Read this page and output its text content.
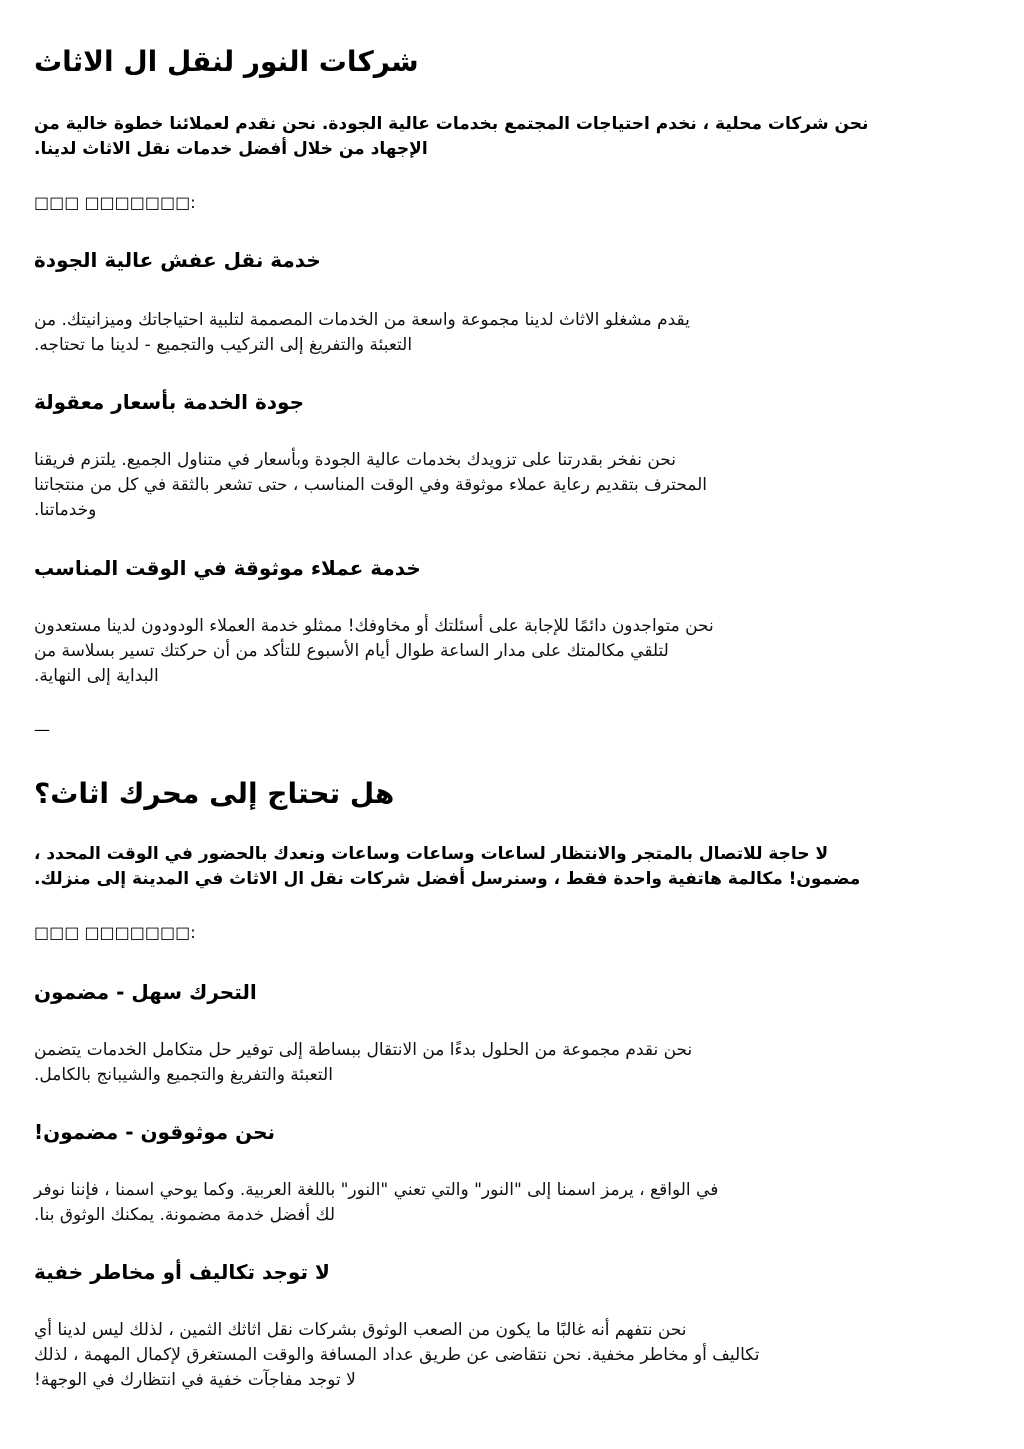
شركات النور لنقل ال الاثاث
نحن شركات محلية ، نخدم احتياجات المجتمع بخدمات عالية الجودة. نحن نقدم لعملائنا خطوة خالية من
الإجهاد من خلال أفضل خدمات نقل الاثاث لدينا.
□□□ □□□□□□□:
خدمة نقل عفش عالية الجودة
يقدم مشغلو الاثاث لدينا مجموعة واسعة من الخدمات المصممة لتلبية احتياجاتك وميزانيتك. من
التعبئة والتفريغ إلى التركيب والتجميع - لدينا ما تحتاجه.
جودة الخدمة بأسعار معقولة
نحن نفخر بقدرتنا على تزويدك بخدمات عالية الجودة وبأسعار في متناول الجميع. يلتزم فريقنا
المحترف بتقديم رعاية عملاء موثوقة وفي الوقت المناسب ، حتى تشعر بالثقة في كل من منتجاتنا
وخدماتنا.
خدمة عملاء موثوقة في الوقت المناسب
نحن متواجدون دائمًا للإجابة على أسئلتك أو مخاوفك! ممثلو خدمة العملاء الودودون لدينا مستعدون
لتلقي مكالمتك على مدار الساعة طوال أيام الأسبوع للتأكد من أن حركتك تسير بسلاسة من
البداية إلى النهاية.
—
هل تحتاج إلى محرك اثاث؟
لا حاجة للاتصال بالمتجر والانتظار لساعات وساعات وساعات ونعدك بالحضور في الوقت المحدد ،
مضمون! مكالمة هاتفية واحدة فقط ، وسنرسل أفضل شركات نقل ال الاثاث في المدينة إلى منزلك.
□□□ □□□□□□□:
التحرك سهل - مضمون
نحن نقدم مجموعة من الحلول بدءًا من الانتقال ببساطة إلى توفير حل متكامل الخدمات يتضمن
التعبئة والتفريغ والتجميع والشيبانج بالكامل.
نحن موثوقون - مضمون!
في الواقع ، يرمز اسمنا إلى "النور" والتي تعني "النور" باللغة العربية. وكما يوحي اسمنا ، فإننا نوفر
لك أفضل خدمة مضمونة. يمكنك الوثوق بنا.
لا توجد تكاليف أو مخاطر خفية
نحن نتفهم أنه غالبًا ما يكون من الصعب الوثوق بشركات نقل اثاثك الثمين ، لذلك ليس لدينا أي
تكاليف أو مخاطر مخفية. نحن نتقاضى عن طريق عداد المسافة والوقت المستغرق لإكمال المهمة ، لذلك
لا توجد مفاجآت خفية في انتظارك في الوجهة!
